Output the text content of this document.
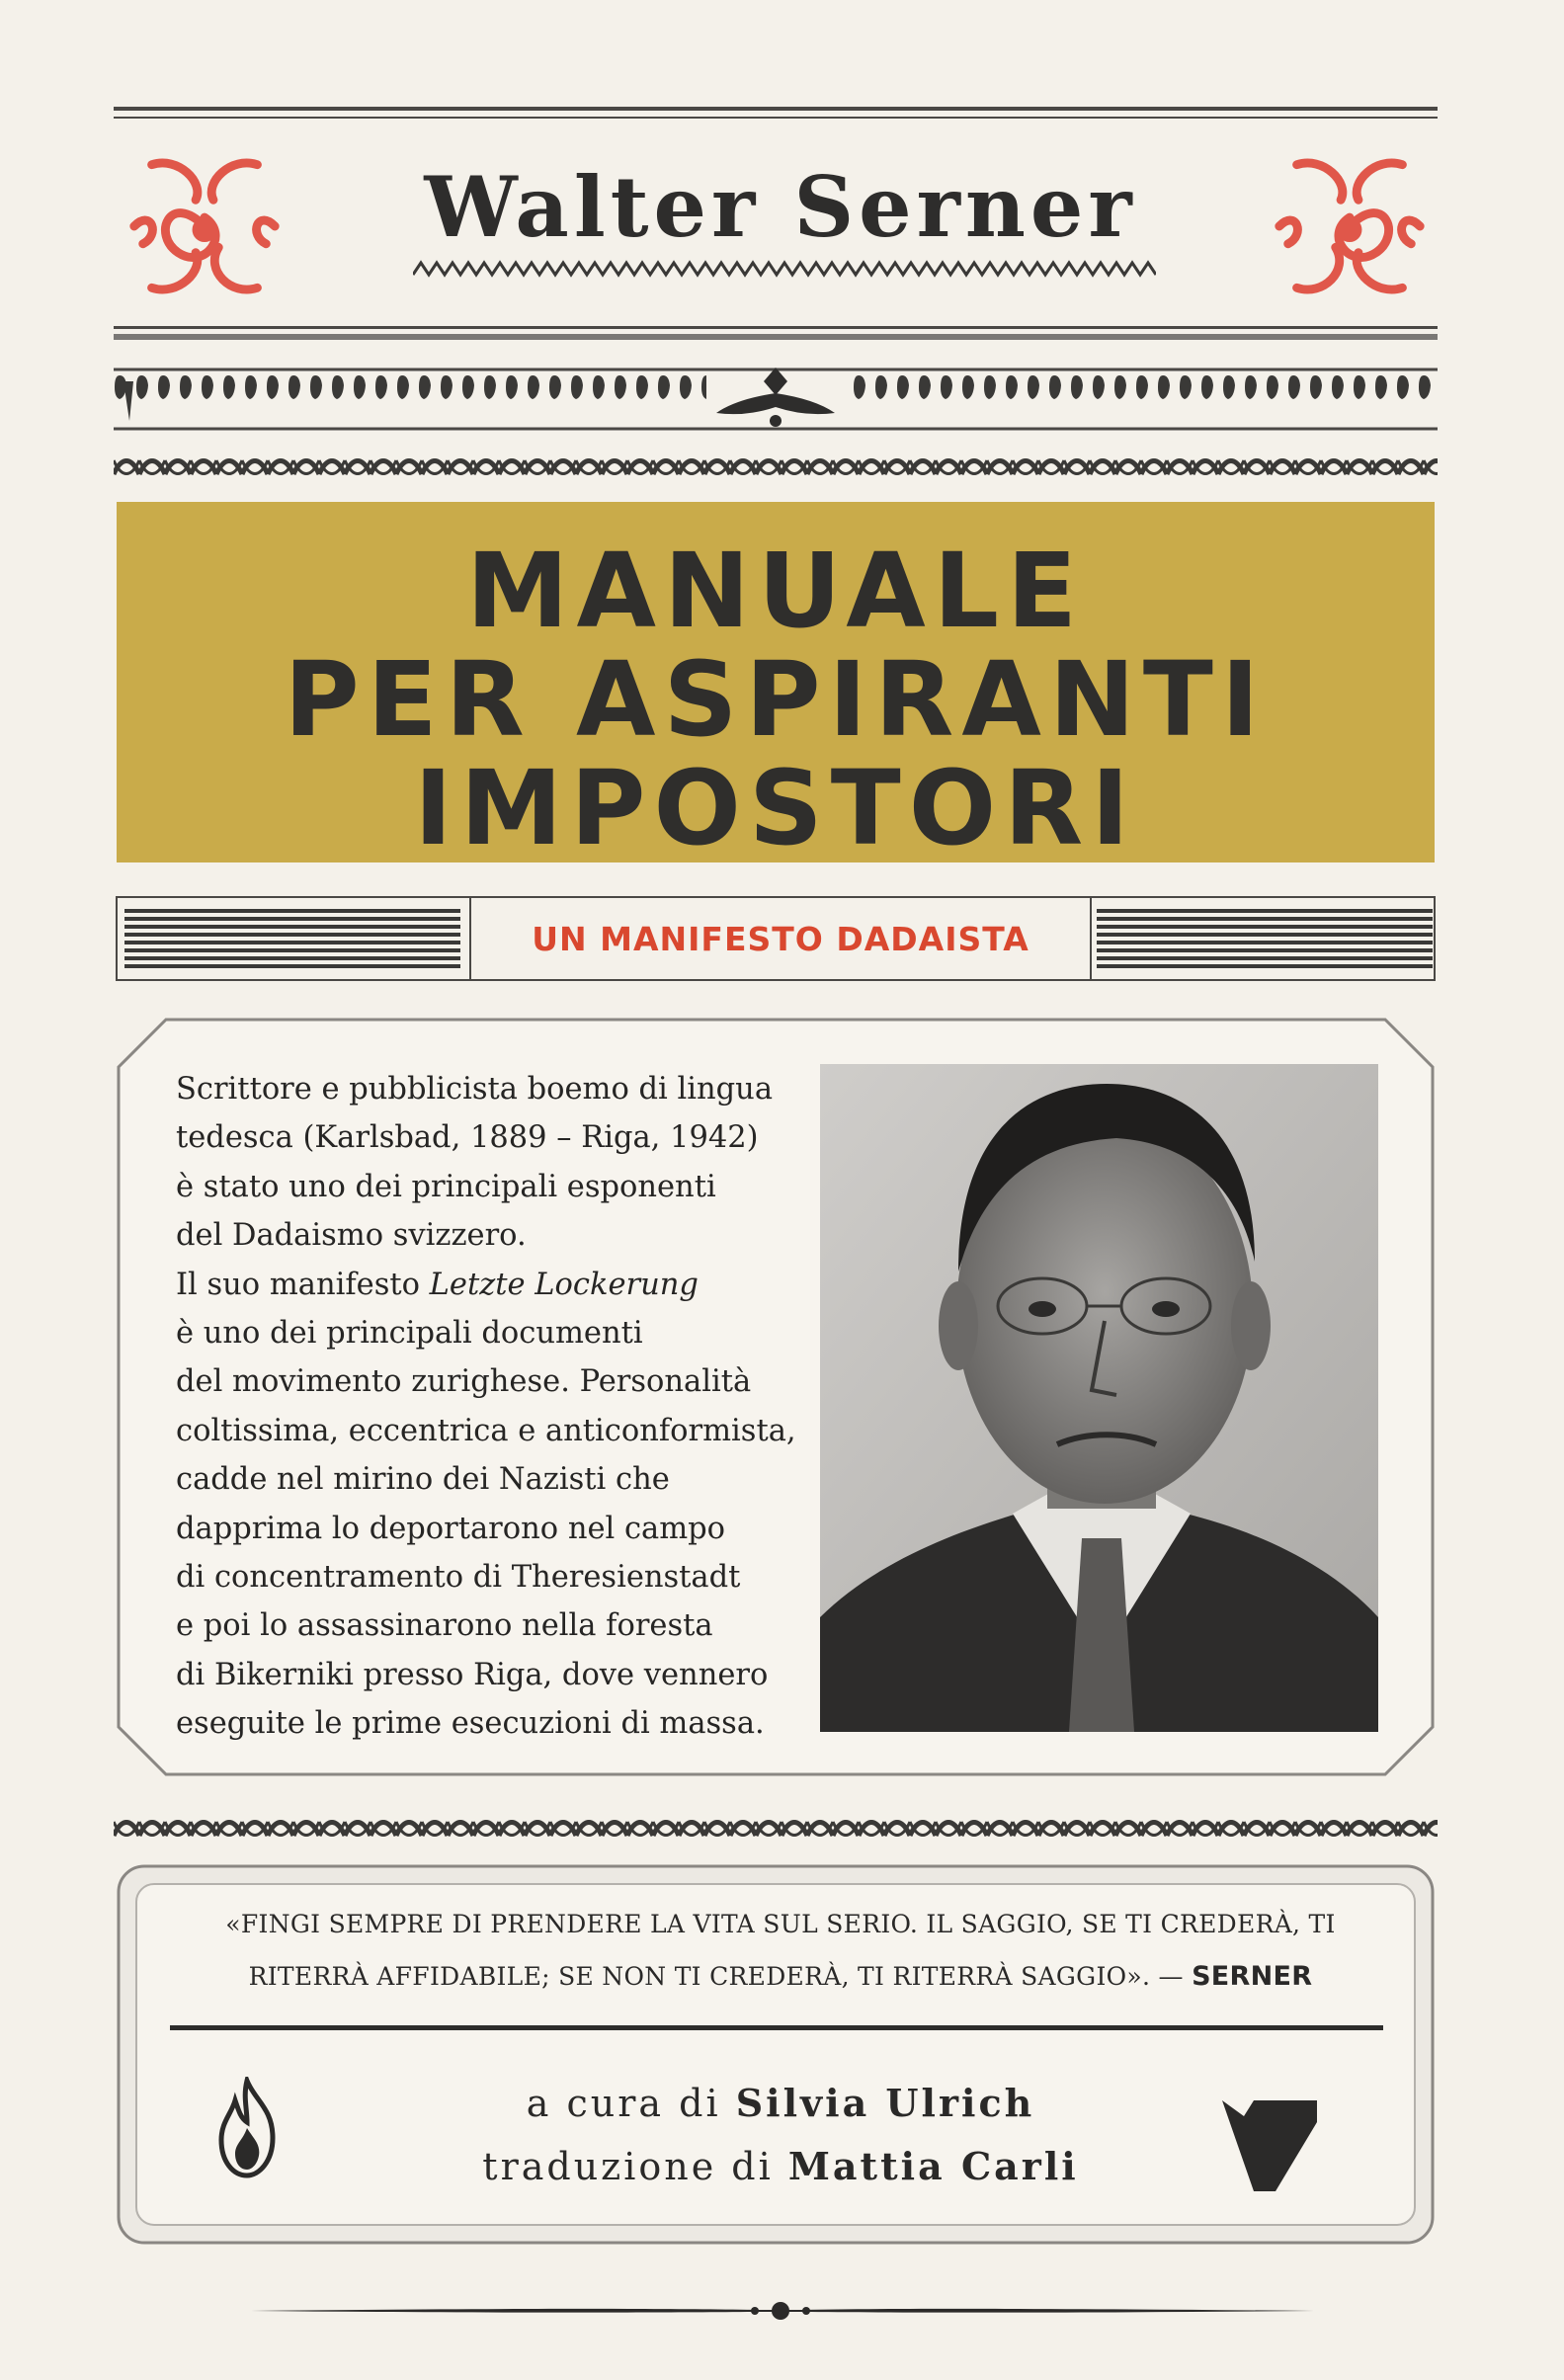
Walter Serner
MANUALE
PER ASPIRANTI
IMPOSTORI
UN MANIFESTO DADAISTA
Scrittore e pubblicista boemo di lingua
tedesca (Karlsbad, 1889 – Riga, 1942)
è stato uno dei principali esponenti
del Dadaismo svizzero.
Il suo manifesto Letzte Lockerung
è uno dei principali documenti
del movimento zurighese. Personalità
coltissima, eccentrica e anticonformista,
cadde nel mirino dei Nazisti che
dapprima lo deportarono nel campo
di concentramento di Theresienstadt
e poi lo assassinarono nella foresta
di Bikerniki presso Riga, dove vennero
eseguite le prime esecuzioni di massa.
«FINGI SEMPRE DI PRENDERE LA VITA SUL SERIO. IL SAGGIO, SE TI CREDERÀ, TI
RITERRÀ AFFIDABILE; SE NON TI CREDERÀ, TI RITERRÀ SAGGIO». — SERNER
a cura di Silvia Ulrich
traduzione di Mattia Carli
